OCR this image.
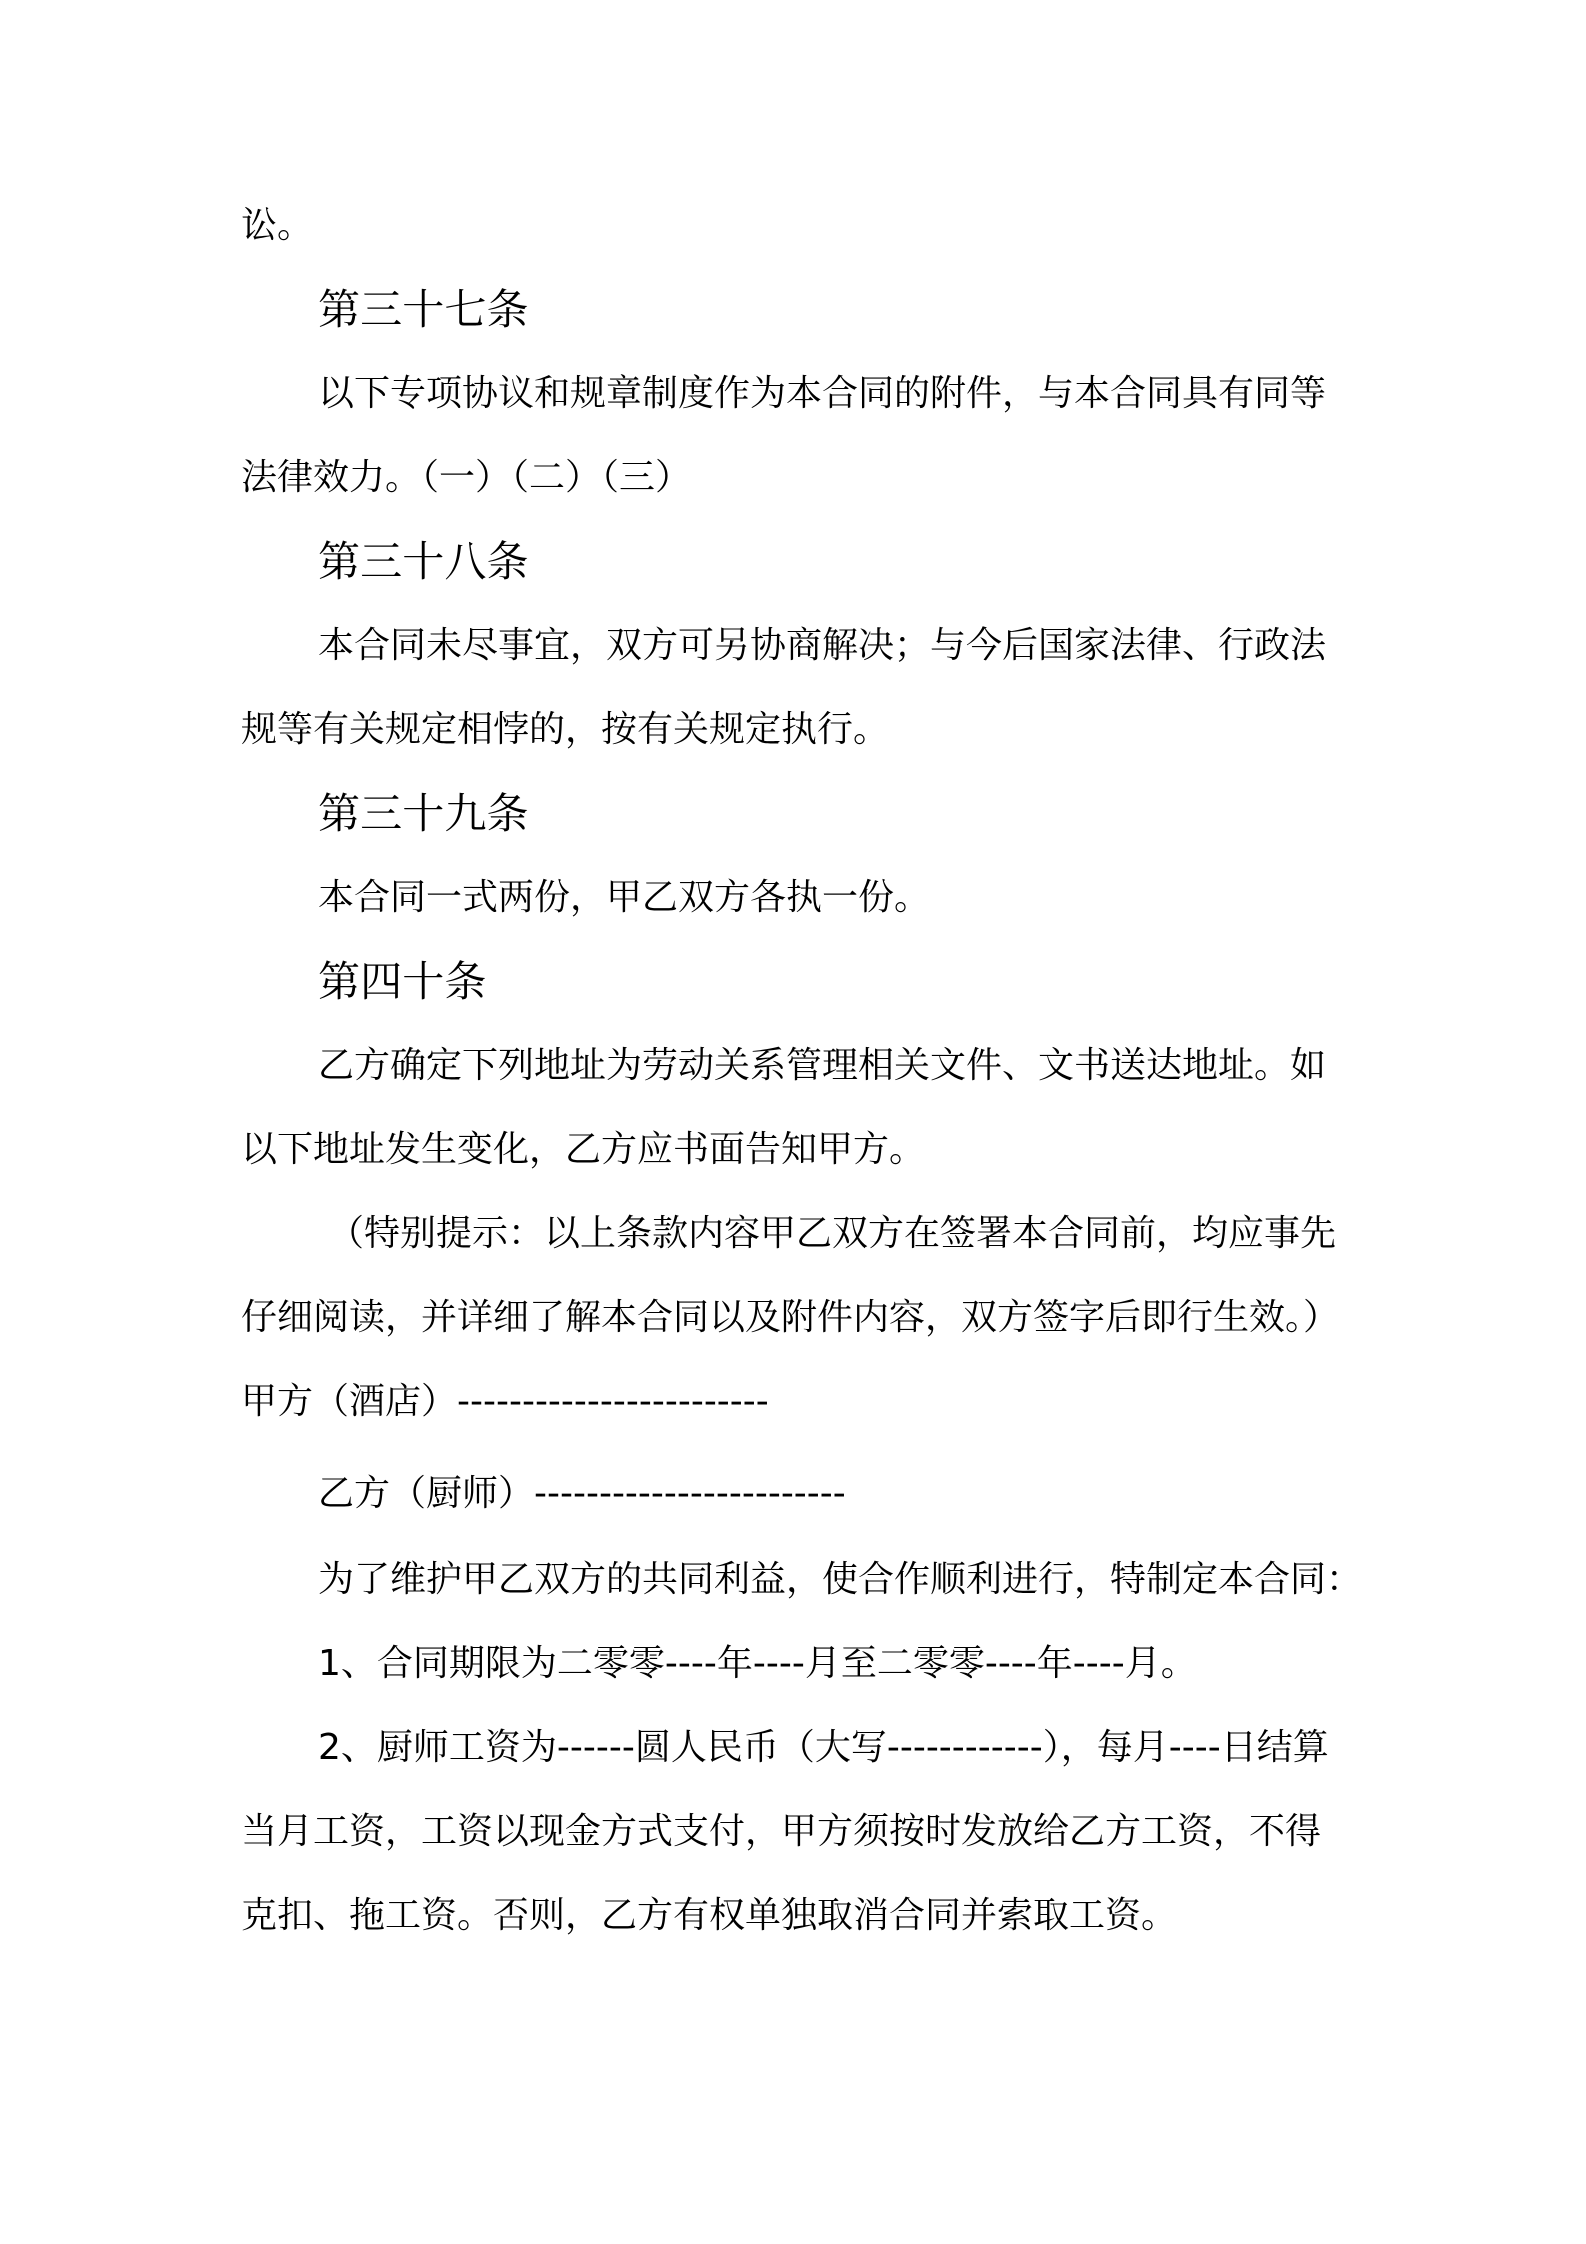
讼。

第三十七条

以下专项协议和规章制度作为本合同的附件，与本合同具有同等

法律效力。（一）（二）（三）

第三十八条

本合同未尽事宜，双方可另协商解决；与今后国家法律、行政法

规等有关规定相悖的，按有关规定执行。

第三十九条

本合同一式两份，甲乙双方各执一份。

第四十条

乙方确定下列地址为劳动关系管理相关文件、文书送达地址。如

以下地址发生变化，乙方应书面告知甲方。

（特别提示：以上条款内容甲乙双方在签署本合同前，均应事先

仔细阅读，并详细了解本合同以及附件内容，双方签字后即行生效。）

甲方（酒店）------------------------

乙方（厨师）------------------------

为了维护甲乙双方的共同利益，使合作顺利进行，特制定本合同：

1、合同期限为二零零----年----月至二零零----年----月。

2、厨师工资为------圆人民币（大写------------），每月----日结算

当月工资，工资以现金方式支付，甲方须按时发放给乙方工资，不得

克扣、拖工资。否则，乙方有权单独取消合同并索取工资。
